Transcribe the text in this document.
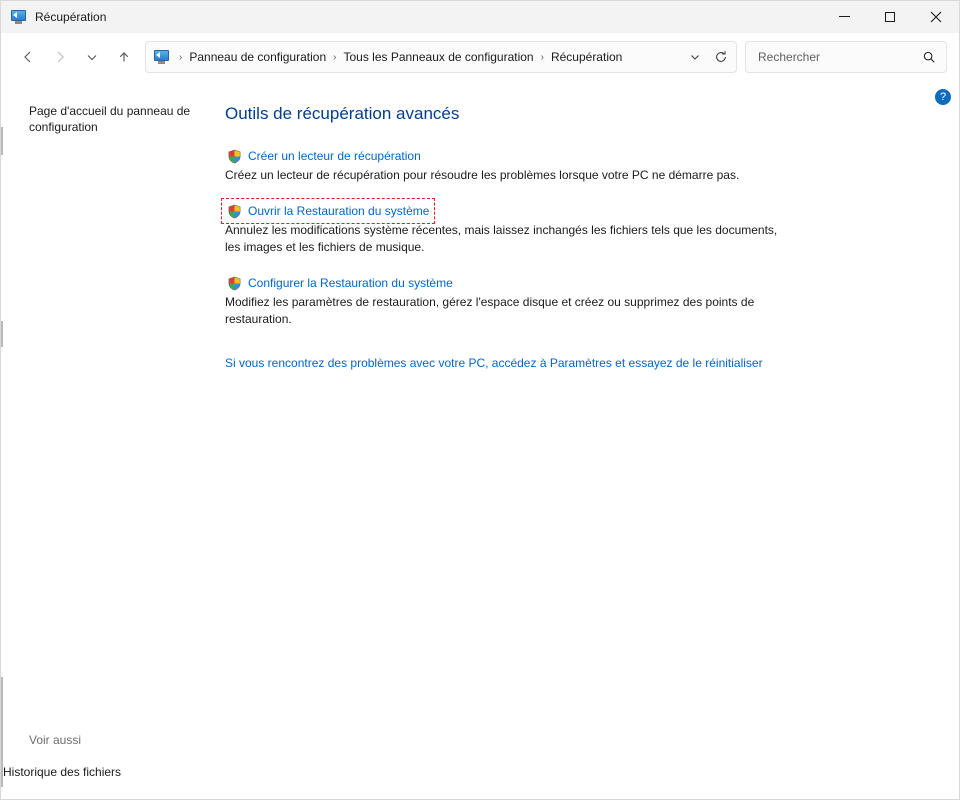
Récupération
› Panneau de configuration › Tous les Panneaux de configuration › Récupération
Rechercher
Page d'accueil du panneau de configuration
Voir aussi
Historique des fichiers
?
Outils de récupération avancés
Créer un lecteur de récupération
Créez un lecteur de récupération pour résoudre les problèmes lorsque votre PC ne démarre pas.
Ouvrir la Restauration du système
Annulez les modifications système récentes, mais laissez inchangés les fichiers tels que les documents, les images et les fichiers de musique.
Configurer la Restauration du système
Modifiez les paramètres de restauration, gérez l'espace disque et créez ou supprimez des points de restauration.
Si vous rencontrez des problèmes avec votre PC, accédez à Paramètres et essayez de le réinitialiser
